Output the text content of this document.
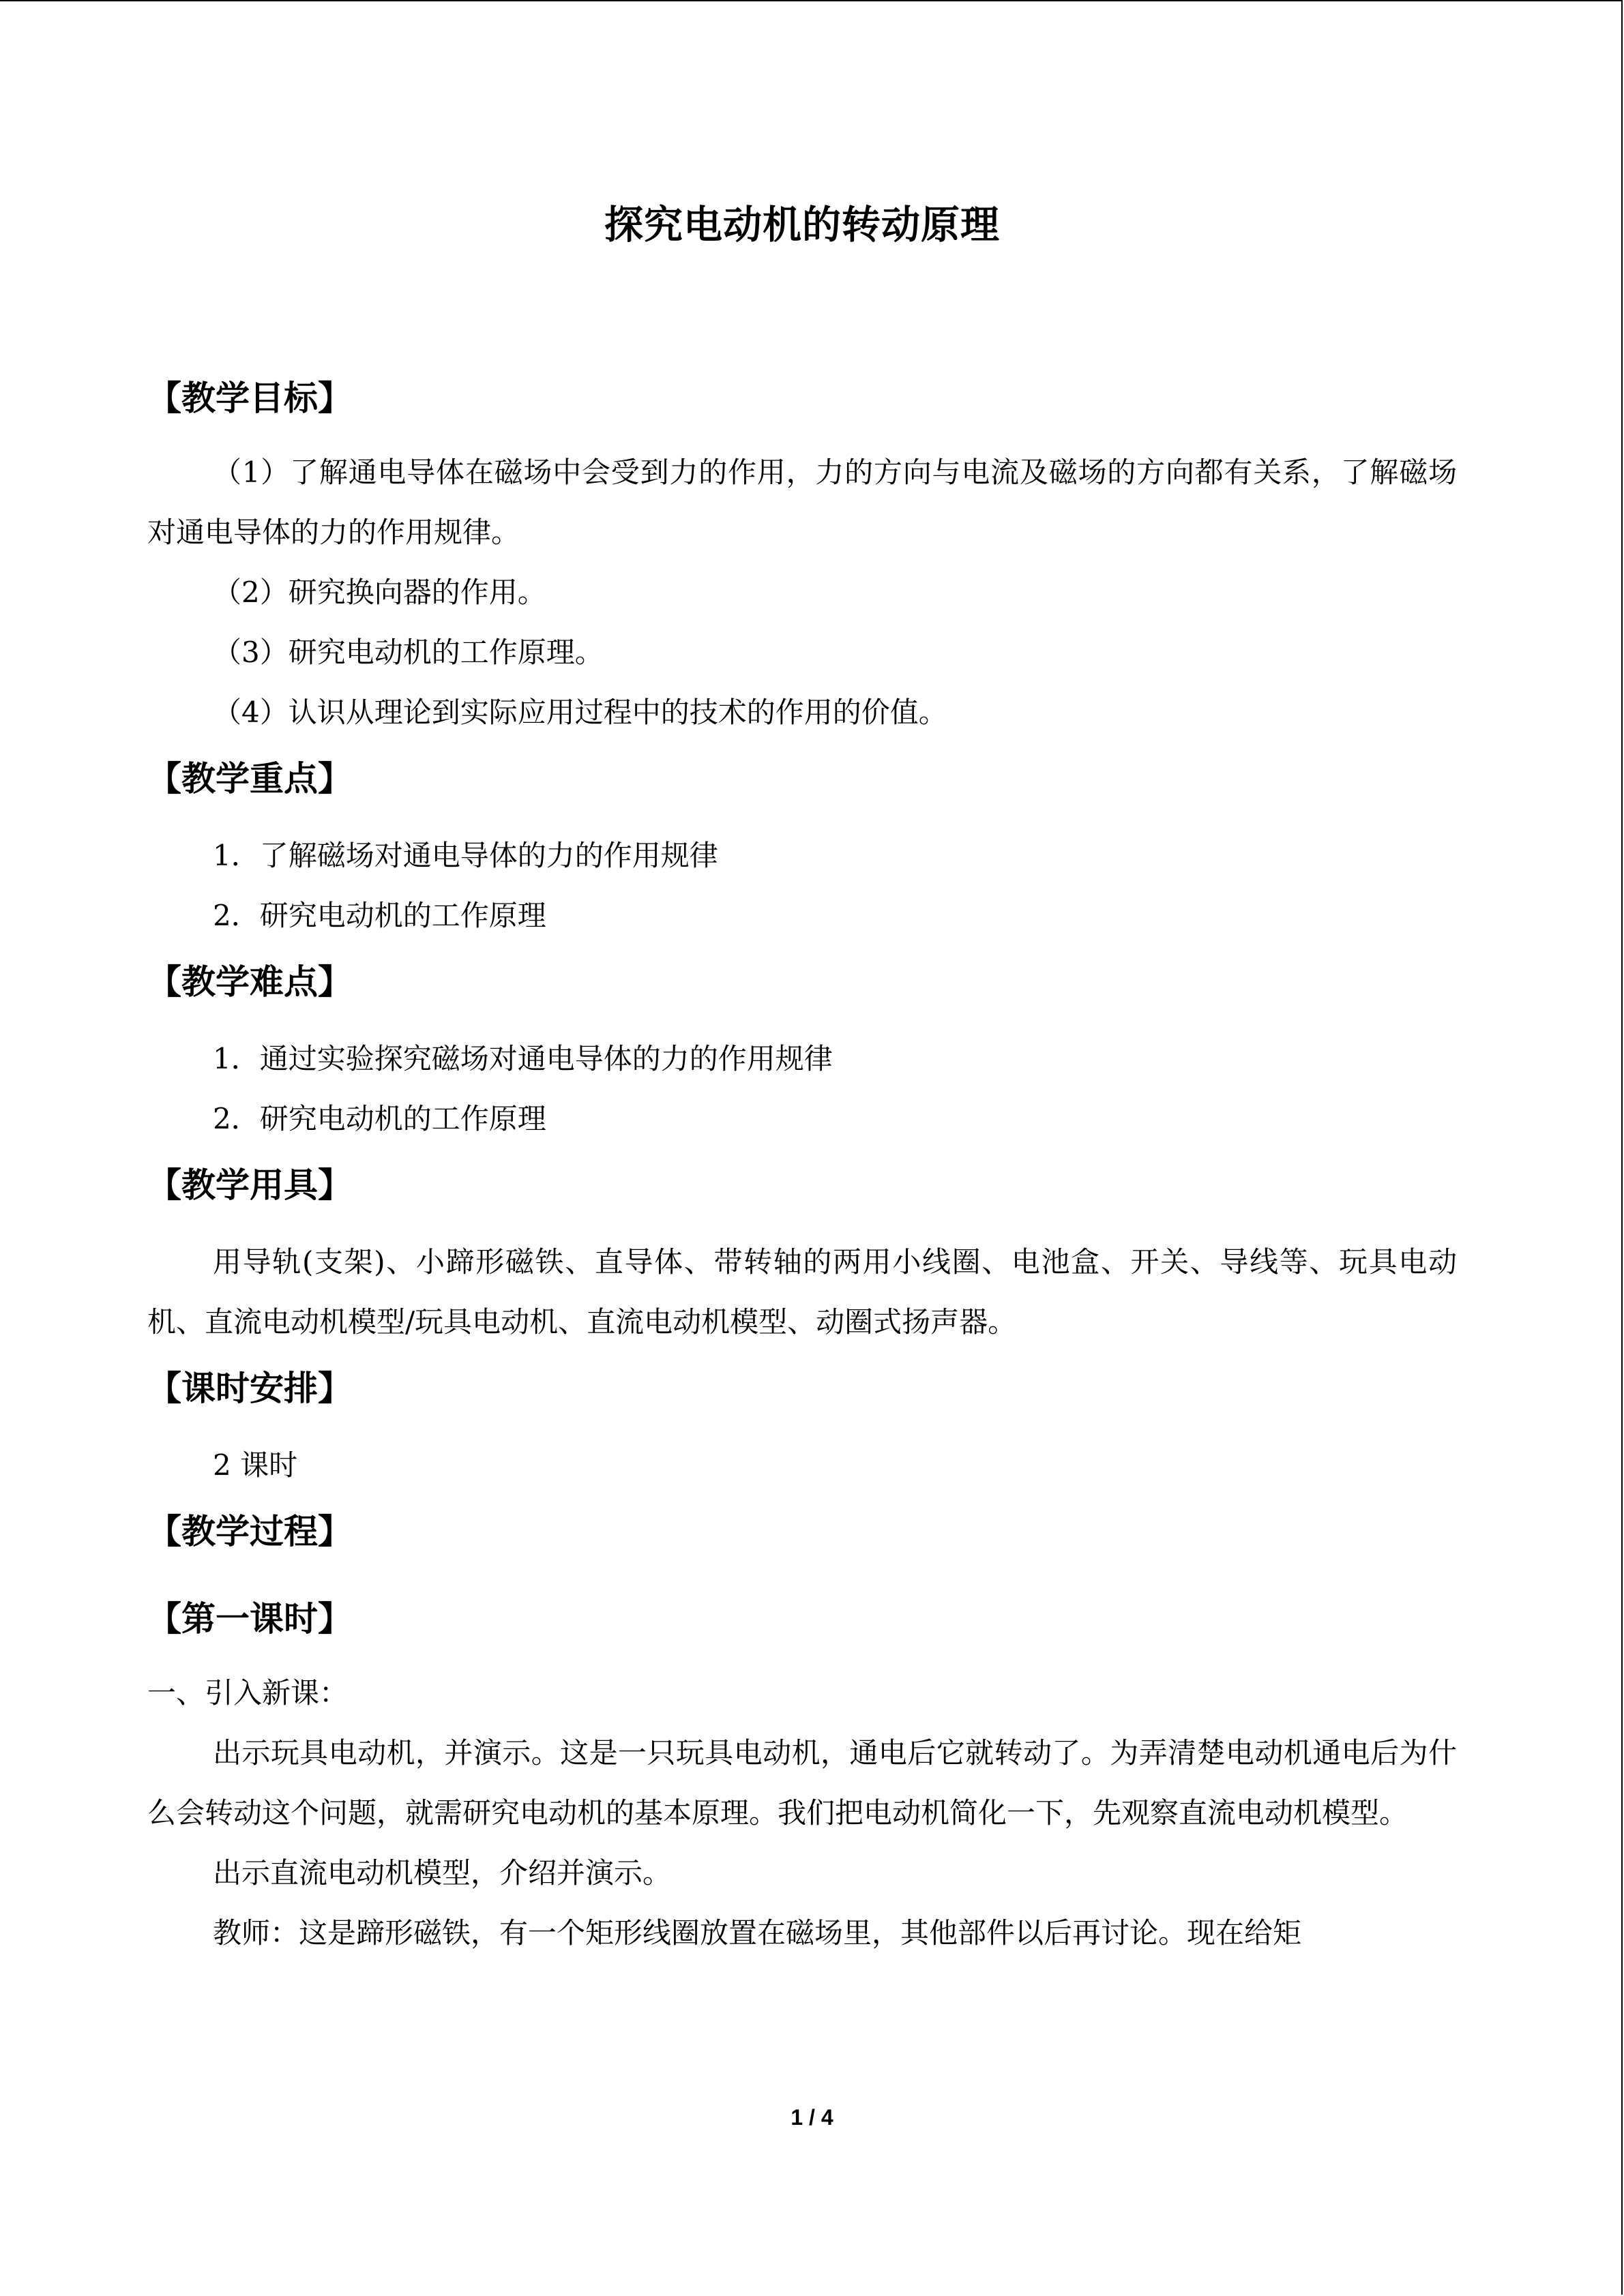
探究电动机的转动原理
【教学目标】

（1）了解通电导体在磁场中会受到力的作用，力的方向与电流及磁场的方向都有关系，了解磁场对通电导体的力的作用规律。

（2）研究换向器的作用。

（3）研究电动机的工作原理。

（4）认识从理论到实际应用过程中的技术的作用的价值。

【教学重点】

1．了解磁场对通电导体的力的作用规律

2．研究电动机的工作原理

【教学难点】

1．通过实验探究磁场对通电导体的力的作用规律

2．研究电动机的工作原理

【教学用具】

用导轨(支架)、小蹄形磁铁、直导体、带转轴的两用小线圈、电池盒、开关、导线等、玩具电动机、直流电动机模型/玩具电动机、直流电动机模型、动圈式扬声器。

【课时安排】

2 课时

【教学过程】
【第一课时】

一、引入新课：

出示玩具电动机，并演示。这是一只玩具电动机，通电后它就转动了。为弄清楚电动机通电后为什么会转动这个问题，就需研究电动机的基本原理。我们把电动机简化一下，先观察直流电动机模型。

出示直流电动机模型，介绍并演示。

教师：这是蹄形磁铁，有一个矩形线圈放置在磁场里，其他部件以后再讨论。现在给矩

1 / 4
